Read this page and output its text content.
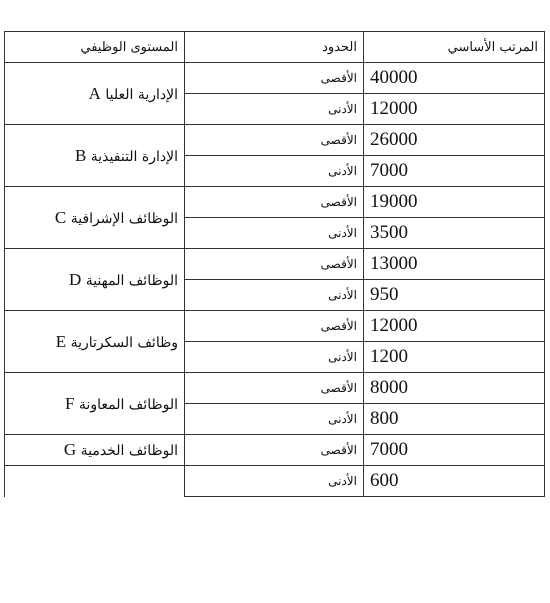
المرتب الأساسي	الحدود	المستوى الوظيفي
40000	الأقصى	الإدارية العليا A
12000	الأدنى	
26000	الأقصى	الإدارة التنفيذية B
7000	الأدنى	
19000	الأقصى	الوظائف الإشرافية C
3500	الأدنى	
13000	الأقصى	الوظائف المهنية D
950	الأدنى	
12000	الأقصى	وظائف السكرتارية E
1200	الأدنى	
8000	الأقصى	الوظائف المعاونة F
800	الأدنى	
7000	الأقصى	الوظائف الخدمية G
600	الأدنى	
